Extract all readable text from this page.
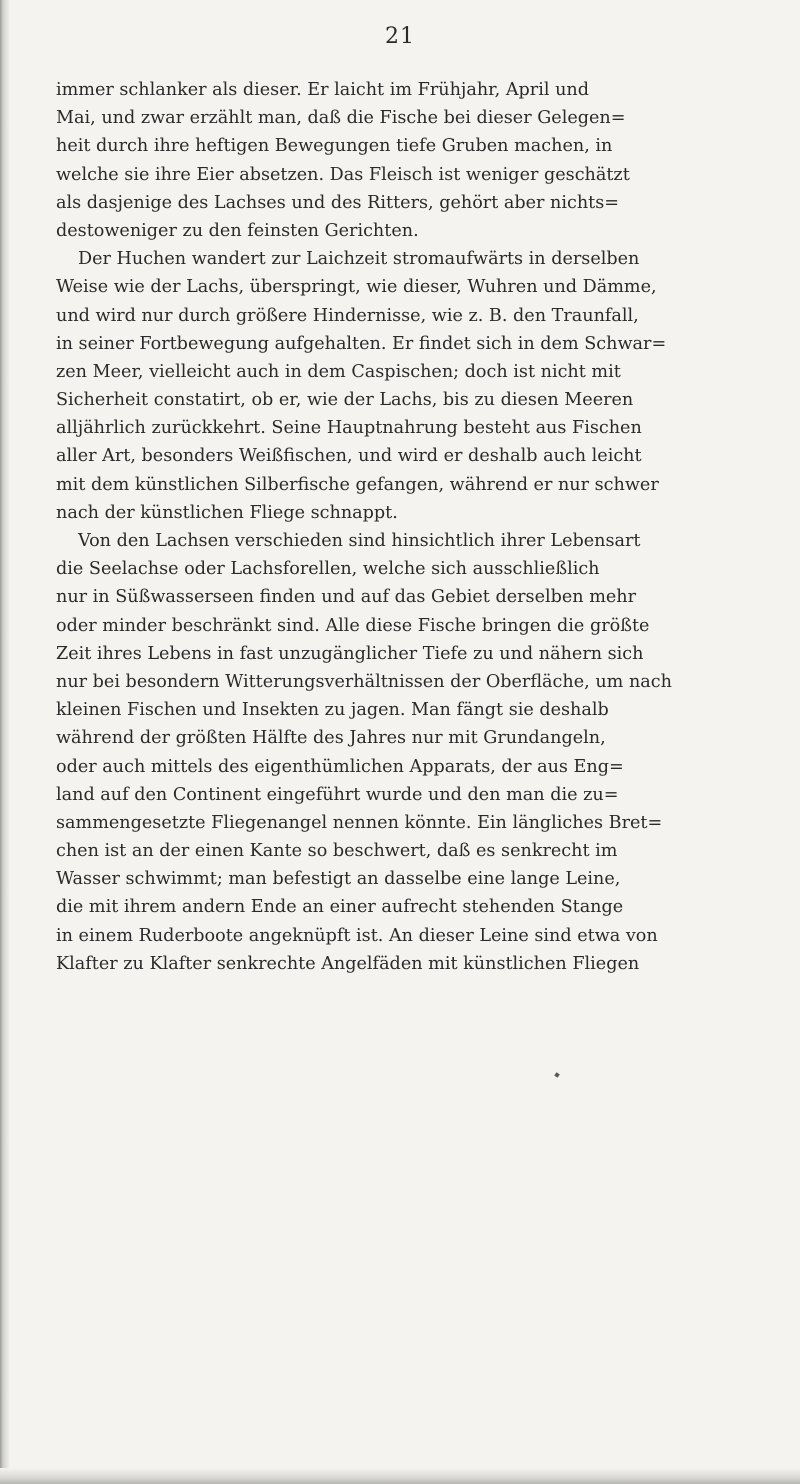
21
immer schlanker als dieser. Er laicht im Frühjahr, April und
Mai, und zwar erzählt man, daß die Fische bei dieser Gelegen=
heit durch ihre heftigen Bewegungen tiefe Gruben machen, in
welche sie ihre Eier absetzen. Das Fleisch ist weniger geschätzt
als dasjenige des Lachses und des Ritters, gehört aber nichts=
destoweniger zu den feinsten Gerichten.
Der Huchen wandert zur Laichzeit stromaufwärts in derselben
Weise wie der Lachs, überspringt, wie dieser, Wuhren und Dämme,
und wird nur durch größere Hindernisse, wie z. B. den Traunfall,
in seiner Fortbewegung aufgehalten. Er findet sich in dem Schwar=
zen Meer, vielleicht auch in dem Caspischen; doch ist nicht mit
Sicherheit constatirt, ob er, wie der Lachs, bis zu diesen Meeren
alljährlich zurückkehrt. Seine Hauptnahrung besteht aus Fischen
aller Art, besonders Weißfischen, und wird er deshalb auch leicht
mit dem künstlichen Silberfische gefangen, während er nur schwer
nach der künstlichen Fliege schnappt.
Von den Lachsen verschieden sind hinsichtlich ihrer Lebensart
die Seelachse oder Lachsforellen, welche sich ausschließlich
nur in Süßwasserseen finden und auf das Gebiet derselben mehr
oder minder beschränkt sind. Alle diese Fische bringen die größte
Zeit ihres Lebens in fast unzugänglicher Tiefe zu und nähern sich
nur bei besondern Witterungsverhältnissen der Oberfläche, um nach
kleinen Fischen und Insekten zu jagen. Man fängt sie deshalb
während der größten Hälfte des Jahres nur mit Grundangeln,
oder auch mittels des eigenthümlichen Apparats, der aus Eng=
land auf den Continent eingeführt wurde und den man die zu=
sammengesetzte Fliegenangel nennen könnte. Ein längliches Bret=
chen ist an der einen Kante so beschwert, daß es senkrecht im
Wasser schwimmt; man befestigt an dasselbe eine lange Leine,
die mit ihrem andern Ende an einer aufrecht stehenden Stange
in einem Ruderboote angeknüpft ist. An dieser Leine sind etwa von
Klafter zu Klafter senkrechte Angelfäden mit künstlichen Fliegen
